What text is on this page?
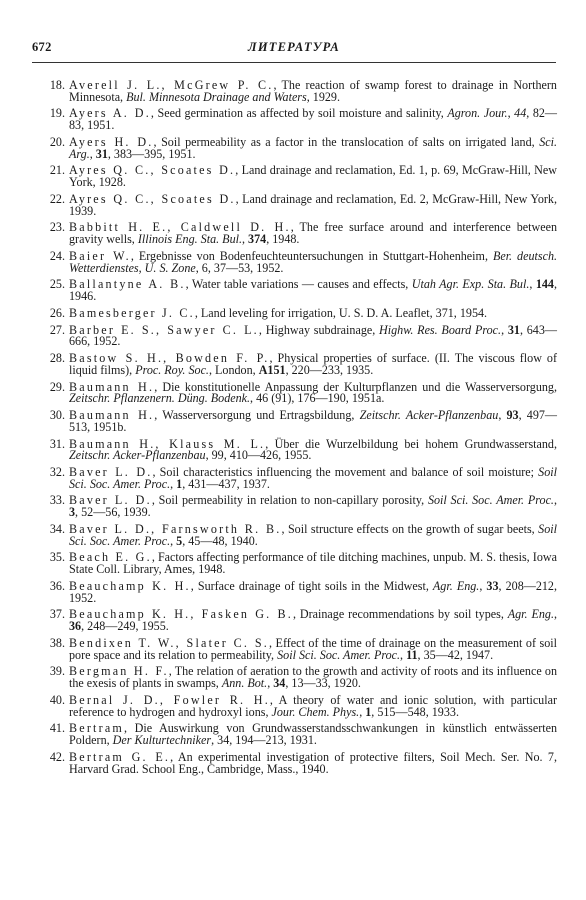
672	ЛИТЕРАТУРА
18. Averell J. L., McGrew P. C., The reaction of swamp forest to drainage in Northern Minnesota, Bul. Minnesota Drainage and Waters, 1929.
19. Ayers A. D., Seed germination as affected by soil moisture and salinity, Agron. Jour., 44, 82—83, 1951.
20. Ayers H. D., Soil permeability as a factor in the translocation of salts on irrigated land, Sci. Arg., 31, 383—395, 1951.
21. Ayres Q. C., Scoates D., Land drainage and reclamation, Ed. 1, p. 69, McGraw-Hill, New York, 1928.
22. Ayres Q. C., Scoates D., Land drainage and reclamation, Ed. 2, McGraw-Hill, New York, 1939.
23. Babbitt H. E., Caldwell D. H., The free surface around and interference between gravity wells, Illinois Eng. Sta. Bul., 374, 1948.
24. Baier W., Ergebnisse von Bodenfeuchteuntersuchungen in Stuttgart-Hohenheim, Ber. deutsch. Wetterdienstes, U. S. Zone, 6, 37—53, 1952.
25. Ballantyne A. B., Water table variations — causes and effects, Utah Agr. Exp. Sta. Bul., 144, 1946.
26. Bamesberger J. C., Land leveling for irrigation, U. S. D. A. Leaflet, 371, 1954.
27. Barber E. S., Sawyer C. L., Highway subdrainage, Highw. Res. Board Proc., 31, 643—666, 1952.
28. Bastow S. H., Bowden F. P., Physical properties of surface. (II. The viscous flow of liquid films), Proc. Roy. Soc., London, A151, 220—233, 1935.
29. Baumann H., Die konstitutionelle Anpassung der Kulturpflanzen und die Wasserversorgung, Zeitschr. Pflanzenern. Düng. Bodenk., 46 (91), 176—190, 1951a.
30. Baumann H., Wasserversorgung und Ertragsbildung, Zeitschr. Acker-Pflanzenbau, 93, 497—513, 1951b.
31. Baumann H., Klauss M. L., Über die Wurzelbildung bei hohem Grundwasserstand, Zeitschr. Acker-Pflanzenbau, 99, 410—426, 1955.
32. Baver L. D., Soil characteristics influencing the movement and balance of soil moisture; Soil Sci. Soc. Amer. Proc., 1, 431—437, 1937.
33. Baver L. D., Soil permeability in relation to non-capillary porosity, Soil Sci. Soc. Amer. Proc., 3, 52—56, 1939.
34. Baver L. D., Farnsworth R. B., Soil structure effects on the growth of sugar beets, Soil Sci. Soc. Amer. Proc., 5, 45—48, 1940.
35. Beach E. G., Factors affecting performance of tile ditching machines, unpub. M. S. thesis, Iowa State Coll. Library, Ames, 1948.
36. Beauchamp K. H., Surface drainage of tight soils in the Midwest, Agr. Eng., 33, 208—212, 1952.
37. Beauchamp K. H., Fasken G. B., Drainage recommendations by soil types, Agr. Eng., 36, 248—249, 1955.
38. Bendixen T. W., Slater C. S., Effect of the time of drainage on the measurement of soil pore space and its relation to permeability, Soil Sci. Soc. Amer. Proc., 11, 35—42, 1947.
39. Bergman H. F., The relation of aeration to the growth and activity of roots and its influence on the exesis of plants in swamps, Ann. Bot., 34, 13—33, 1920.
40. Bernal J. D., Fowler R. H., A theory of water and ionic solution, with particular reference to hydrogen and hydroxyl ions, Jour. Chem. Phys., 1, 515—548, 1933.
41. Bertram, Die Auswirkung von Grundwasserstandsschwankungen in künstlich entwässerten Poldern, Der Kulturtechniker, 34, 194—213, 1931.
42. Bertram G. E., An experimental investigation of protective filters, Soil Mech. Ser. No. 7, Harvard Grad. School Eng., Cambridge, Mass., 1940.
